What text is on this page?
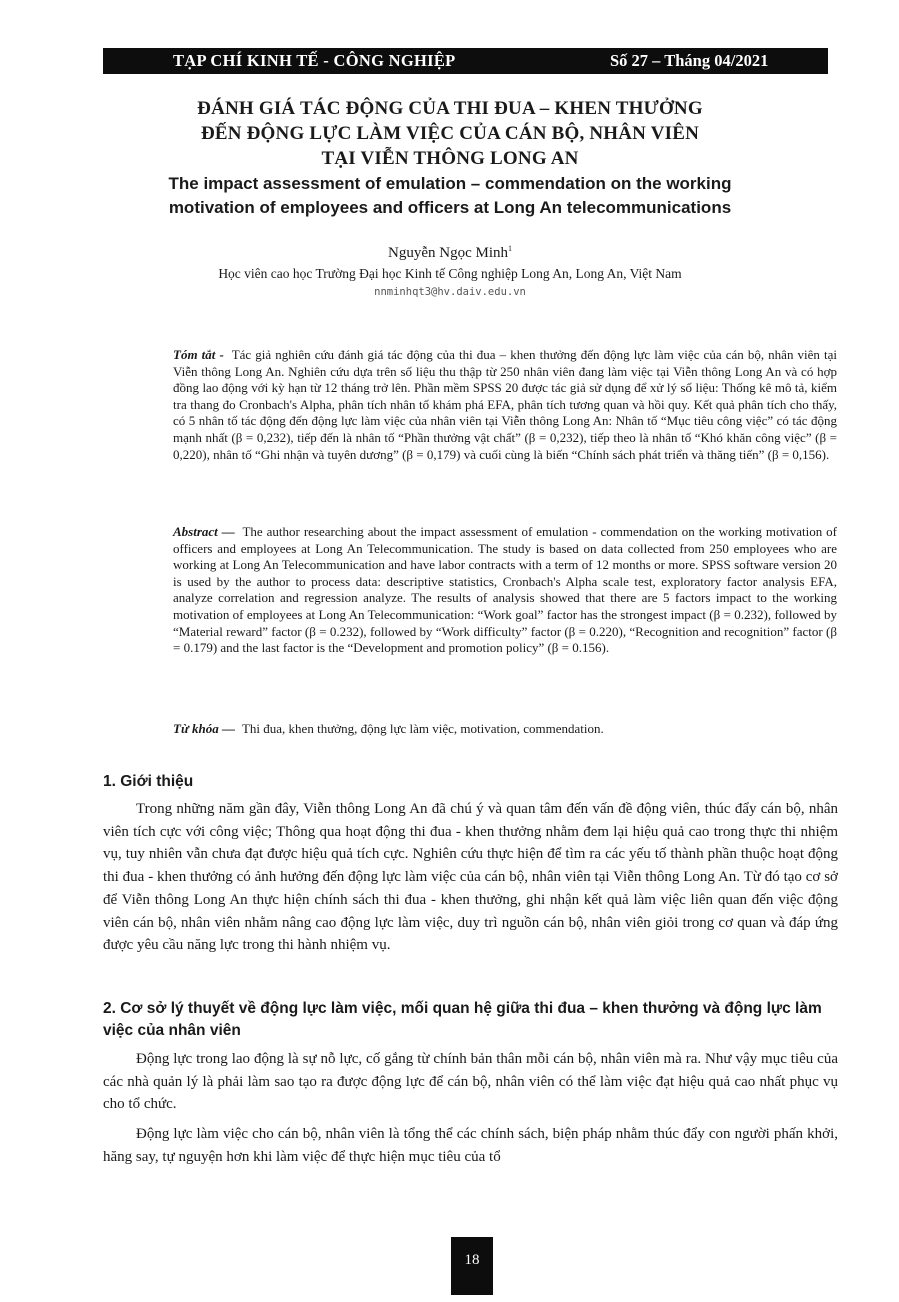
TẠP CHÍ KINH TẾ - CÔNG NGHIỆP	Số 27 – Tháng 04/2021
ĐÁNH GIÁ TÁC ĐỘNG CỦA THI ĐUA – KHEN THƯỞNG
ĐẾN ĐỘNG LỰC LÀM VIỆC CỦA CÁN BỘ, NHÂN VIÊN
TẠI VIỄN THÔNG LONG AN
The impact assessment of emulation – commendation on the working
motivation of employees and officers at Long An telecommunications
Nguyễn Ngọc Minh$^1$
Học viên cao học Trường Đại học Kinh tế Công nghiệp Long An, Long An, Việt Nam
nnminhqt3@hv.daiv.edu.vn
Tóm tắt - Tác giả nghiên cứu đánh giá tác động của thi đua – khen thưởng đến động lực làm việc của cán bộ, nhân viên tại Viễn thông Long An. Nghiên cứu dựa trên số liệu thu thập từ 250 nhân viên đang làm việc tại Viễn thông Long An và có hợp đồng lao động với kỳ hạn từ 12 tháng trở lên. Phần mềm SPSS 20 được tác giả sử dụng để xử lý số liệu: Thống kê mô tả, kiểm tra thang đo Cronbach's Alpha, phân tích nhân tố khám phá EFA, phân tích tương quan và hồi quy. Kết quả phân tích cho thấy, có 5 nhân tố tác động đến động lực làm việc của nhân viên tại Viễn thông Long An: Nhân tố “Mục tiêu công việc” có tác động mạnh nhất (β = 0,232), tiếp đến là nhân tố “Phần thưởng vật chất” (β = 0,232), tiếp theo là nhân tố “Khó khăn công việc” (β = 0,220), nhân tố “Ghi nhận và tuyên dương” (β = 0,179) và cuối cùng là biến “Chính sách phát triển và thăng tiến” (β = 0,156).
Abstract — The author researching about the impact assessment of emulation - commendation on the working motivation of officers and employees at Long An Telecommunication. The study is based on data collected from 250 employees who are working at Long An Telecommunication and have labor contracts with a term of 12 months or more. SPSS software version 20 is used by the author to process data: descriptive statistics, Cronbach's Alpha scale test, exploratory factor analysis EFA, analyze correlation and regression analyze. The results of analysis showed that there are 5 factors impact to the working motivation of employees at Long An Telecommunication: “Work goal” factor has the strongest impact (β = 0.232), followed by “Material reward” factor (β = 0.232), followed by “Work difficulty” factor (β = 0.220), “Recognition and recognition” factor (β = 0.179) and the last factor is the “Development and promotion policy” (β = 0.156).
Từ khóa — Thi đua, khen thưởng, động lực làm việc, motivation, commendation.
1. Giới thiệu
Trong những năm gần đây, Viễn thông Long An đã chú ý và quan tâm đến vấn đề động viên, thúc đẩy cán bộ, nhân viên tích cực với công việc; Thông qua hoạt động thi đua - khen thưởng nhằm đem lại hiệu quả cao trong thực thi nhiệm vụ, tuy nhiên vẫn chưa đạt được hiệu quả tích cực. Nghiên cứu thực hiện để tìm ra các yếu tố thành phần thuộc hoạt động thi đua - khen thưởng có ảnh hưởng đến động lực làm việc của cán bộ, nhân viên tại Viễn thông Long An. Từ đó tạo cơ sở để Viễn thông Long An thực hiện chính sách thi đua - khen thưởng, ghi nhận kết quả làm việc liên quan đến việc động viên cán bộ, nhân viên nhằm nâng cao động lực làm việc, duy trì nguồn cán bộ, nhân viên giỏi trong cơ quan và đáp ứng được yêu cầu năng lực trong thi hành nhiệm vụ.
2. Cơ sở lý thuyết về động lực làm việc, mối quan hệ giữa thi đua – khen thưởng và động lực làm việc của nhân viên
Động lực trong lao động là sự nỗ lực, cố gắng từ chính bản thân mỗi cán bộ, nhân viên mà ra. Như vậy mục tiêu của các nhà quản lý là phải làm sao tạo ra được động lực để cán bộ, nhân viên có thể làm việc đạt hiệu quả cao nhất phục vụ cho tổ chức.
Động lực làm việc cho cán bộ, nhân viên là tổng thể các chính sách, biện pháp nhằm thúc đẩy con người phấn khởi, hăng say, tự nguyện hơn khi làm việc để thực hiện mục tiêu của tổ
18
